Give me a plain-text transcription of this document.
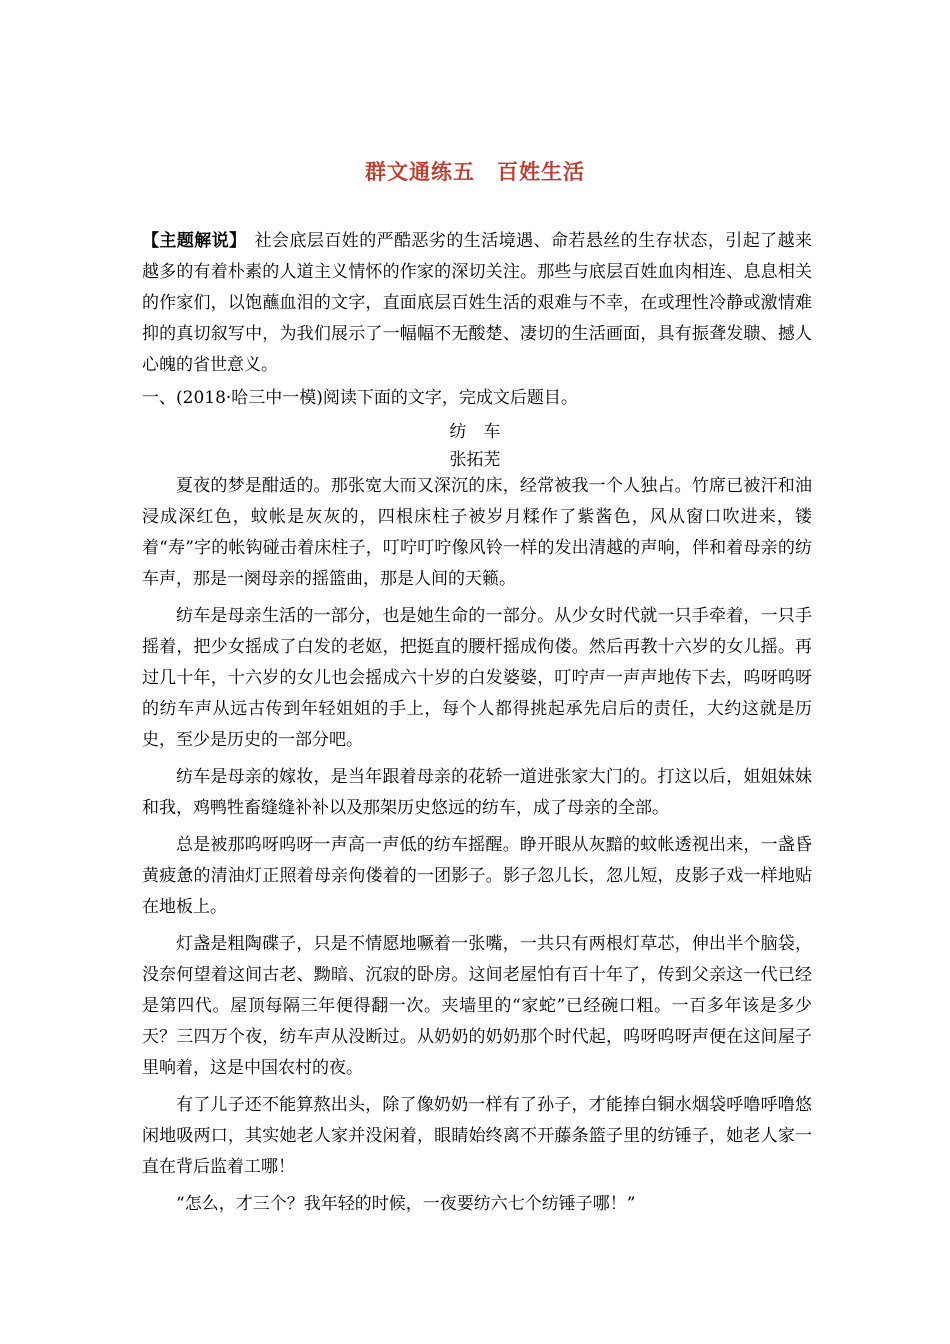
群文通练五　百姓生活
【主题解说】 社会底层百姓的严酷恶劣的生活境遇、命若悬丝的生存状态，引起了越来越多的有着朴素的人道主义情怀的作家的深切关注。那些与底层百姓血肉相连、息息相关的作家们，以饱蘸血泪的文字，直面底层百姓生活的艰难与不幸，在或理性冷静或激情难抑的真切叙写中，为我们展示了一幅幅不无酸楚、凄切的生活画面，具有振聋发聩、撼人心魄的省世意义。
一、(2018·哈三中一模)阅读下面的文字，完成文后题目。
纺　车
张拓芜

夏夜的梦是酣适的。那张宽大而又深沉的床，经常被我一个人独占。竹席已被汗和油浸成深红色，蚊帐是灰灰的，四根床柱子被岁月糅作了紫酱色，风从窗口吹进来，镂着“寿”字的帐钩碰击着床柱子，叮咛叮咛像风铃一样的发出清越的声响，伴和着母亲的纺车声，那是一阕母亲的摇篮曲，那是人间的天籁。

纺车是母亲生活的一部分，也是她生命的一部分。从少女时代就一只手牵着，一只手摇着，把少女摇成了白发的老妪，把挺直的腰杆摇成佝偻。然后再教十六岁的女儿摇。再过几十年，十六岁的女儿也会摇成六十岁的白发婆婆，叮咛声一声声地传下去，呜呀呜呀的纺车声从远古传到年轻姐姐的手上，每个人都得挑起承先启后的责任，大约这就是历史，至少是历史的一部分吧。

纺车是母亲的嫁妆，是当年跟着母亲的花轿一道进张家大门的。打这以后，姐姐妹妹和我，鸡鸭牲畜缝缝补补以及那架历史悠远的纺车，成了母亲的全部。

总是被那呜呀呜呀一声高一声低的纺车摇醒。睁开眼从灰黯的蚊帐透视出来，一盏昏黄疲惫的清油灯正照着母亲佝偻着的一团影子。影子忽儿长，忽儿短，皮影子戏一样地贴在地板上。

灯盏是粗陶碟子，只是不情愿地噘着一张嘴，一共只有两根灯草芯，伸出半个脑袋，没奈何望着这间古老、黝暗、沉寂的卧房。这间老屋怕有百十年了，传到父亲这一代已经是第四代。屋顶每隔三年便得翻一次。夹墙里的“家蛇”已经碗口粗。一百多年该是多少天？三四万个夜，纺车声从没断过。从奶奶的奶奶那个时代起，呜呀呜呀声便在这间屋子里响着，这是中国农村的夜。

有了儿子还不能算熬出头，除了像奶奶一样有了孙子，才能捧白铜水烟袋呼噜呼噜悠闲地吸两口，其实她老人家并没闲着，眼睛始终离不开藤条篮子里的纺锤子，她老人家一直在背后监着工哪！

“怎么，才三个？我年轻的时候，一夜要纺六七个纺锤子哪！”
